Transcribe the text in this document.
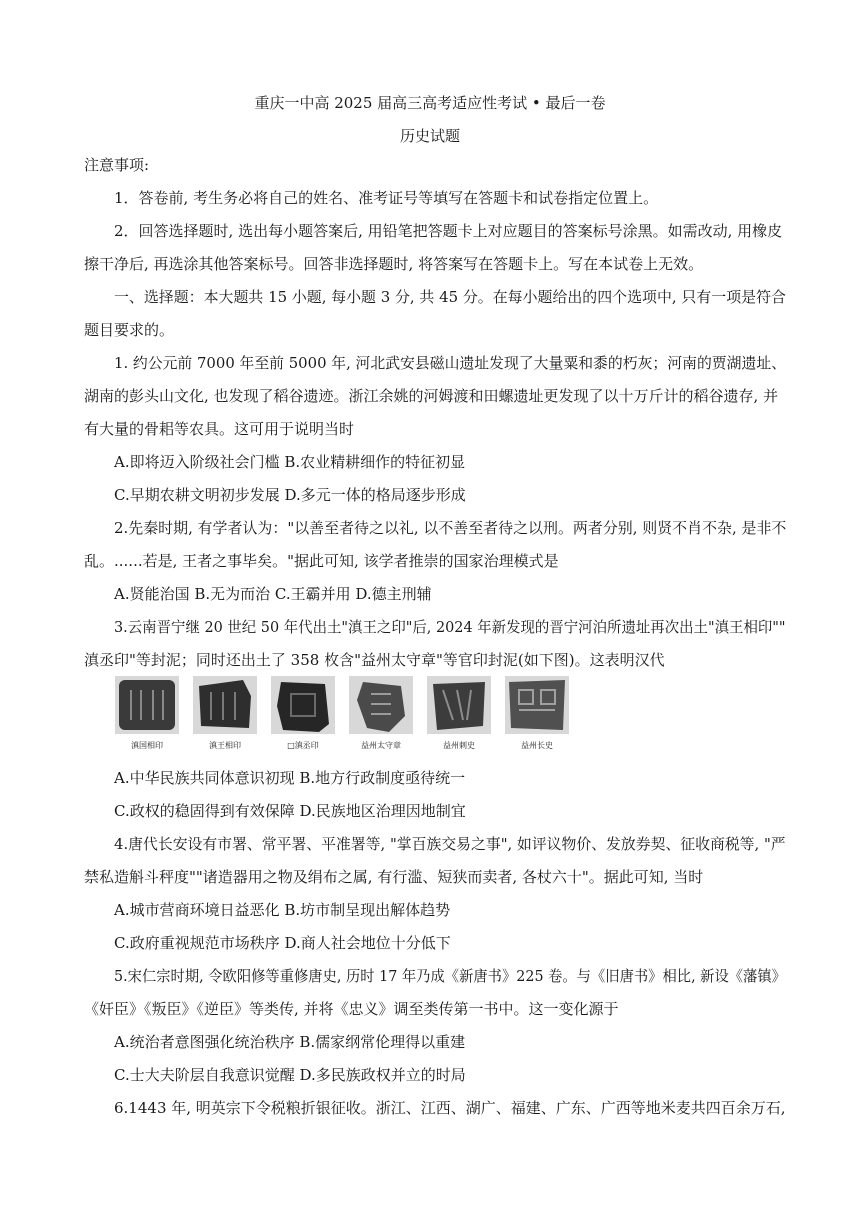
重庆一中高 2025 届高三高考适应性考试 • 最后一卷
历史试题
注意事项:
1．答卷前, 考生务必将自己的姓名、准考证号等填写在答题卡和试卷指定位置上。
2．回答选择题时, 选出每小题答案后, 用铅笔把答题卡上对应题目的答案标号涂黑。如需改动, 用橡皮
擦干净后, 再选涂其他答案标号。回答非选择题时, 将答案写在答题卡上。写在本试卷上无效。
一、选择题：本大题共 15 小题, 每小题 3 分, 共 45 分。在每小题给出的四个选项中, 只有一项是符合
题目要求的。
1. 约公元前 7000 年至前 5000 年, 河北武安县磁山遗址发现了大量粟和黍的朽灰；河南的贾湖遗址、
湖南的彭头山文化, 也发现了稻谷遗迹。浙江余姚的河姆渡和田螺遗址更发现了以十万斤计的稻谷遗存, 并
有大量的骨耜等农具。这可用于说明当时
A.即将迈入阶级社会门槛 B.农业精耕细作的特征初显
C.早期农耕文明初步发展 D.多元一体的格局逐步形成
2.先秦时期, 有学者认为："以善至者待之以礼, 以不善至者待之以刑。两者分别, 则贤不肖不杂, 是非不
乱。......若是, 王者之事毕矣。"据此可知, 该学者推崇的国家治理模式是
A.贤能治国 B.无为而治 C.王霸并用 D.德主刑辅
3.云南晋宁继 20 世纪 50 年代出土"滇王之印"后, 2024 年新发现的晋宁河泊所遗址再次出土"滇王相印""
滇丞印"等封泥；同时还出土了 358 枚含"益州太守章"等官印封泥(如下图)。这表明汉代
滇国相印	滇王相印	□滇丞印	益州太守章	益州刺史	益州长史
A.中华民族共同体意识初现 B.地方行政制度亟待统一
C.政权的稳固得到有效保障 D.民族地区治理因地制宜
4.唐代长安设有市署、常平署、平准署等, "掌百族交易之事", 如评议物价、发放券契、征收商税等, "严
禁私造斛斗秤度""诸造器用之物及绢布之属, 有行滥、短狭而卖者, 各杖六十"。据此可知, 当时
A.城市营商环境日益恶化 B.坊市制呈现出解体趋势
C.政府重视规范市场秩序 D.商人社会地位十分低下
5.宋仁宗时期, 令欧阳修等重修唐史, 历时 17 年乃成《新唐书》225 卷。与《旧唐书》相比, 新设《藩镇》
《奸臣》《叛臣》《逆臣》等类传, 并将《忠义》调至类传第一书中。这一变化源于
A.统治者意图强化统治秩序 B.儒家纲常伦理得以重建
C.士大夫阶层自我意识觉醒 D.多民族政权并立的时局
6.1443 年, 明英宗下令税粮折银征收。浙江、江西、湖广、福建、广东、广西等地米麦共四百余万石,
